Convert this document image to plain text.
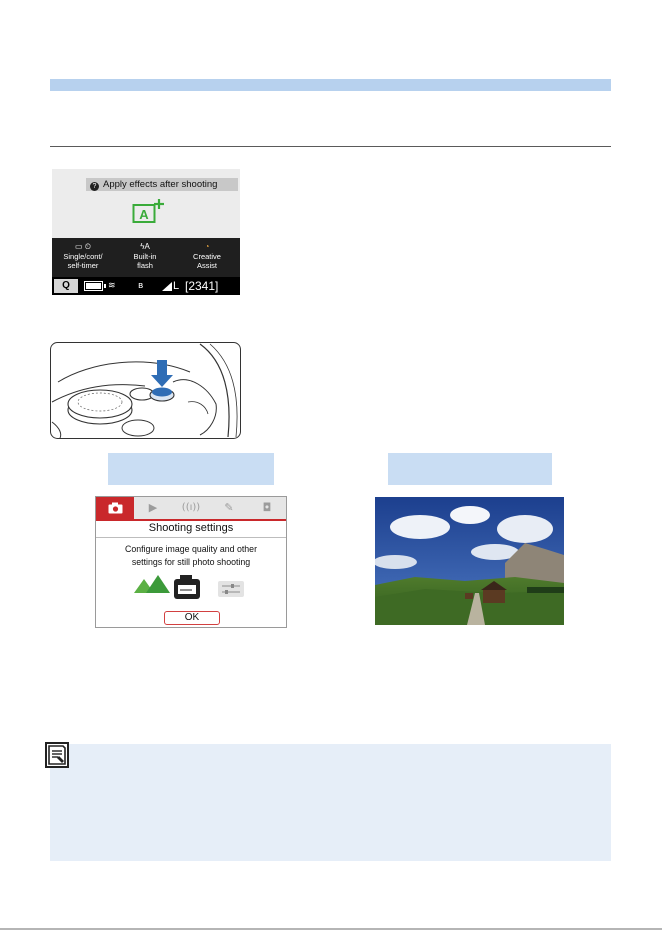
? Apply effects after shooting
A
▭ ⏲
Single/cont/
self-timer
ϟA
Built-in
flash
◔
Creative
Assist
Q	≋ ʙ	L [2341]
▶	((ı))	✎	◘
Shooting settings
Configure image quality and other
settings for still photo shooting
OK
